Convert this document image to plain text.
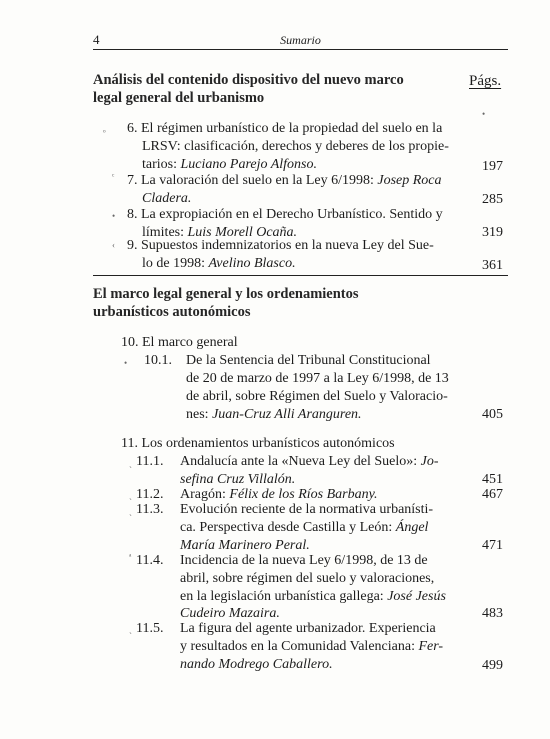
4	Sumario
Análisis del contenido dispositivo del nuevo marco
legal general del urbanismo
Págs.
•
ᵒ 6. El régimen urbanístico de la propiedad del suelo en la
LRSV: clasificación, derechos y deberes de los propie-
tarios: Luciano Parejo Alfonso.	197
ᶜ 7. La valoración del suelo en la Ley 6/1998: Josep Roca
Cladera.	285
• 8. La expropiación en el Derecho Urbanístico. Sentido y
límites: Luis Morell Ocaña.	319
‹ 9. Supuestos indemnizatorios en la nueva Ley del Sue-
lo de 1998: Avelino Blasco.	361
El marco legal general y los ordenamientos
urbanísticos autonómicos
10. El marco general
• 10.1. De la Sentencia del Tribunal Constitucional
de 20 de marzo de 1997 a la Ley 6/1998, de 13
de abril, sobre Régimen del Suelo y Valoracio-
nes: Juan-Cruz Alli Aranguren.	405
11. Los ordenamientos urbanísticos autonómicos
ˏ 11.1. Andalucía ante la «Nueva Ley del Suelo»: Jo-
sefina Cruz Villalón.	451
ˎ 11.2. Aragón: Félix de los Ríos Barbany.	467
ˏ 11.3. Evolución reciente de la normativa urbanísti-
ca. Perspectiva desde Castilla y León: Ángel
María Marinero Peral.	471
ᵃ 11.4. Incidencia de la nueva Ley 6/1998, de 13 de
abril, sobre régimen del suelo y valoraciones,
en la legislación urbanística gallega: José Jesús
Cudeiro Mazaira.	483
ˏ 11.5. La figura del agente urbanizador. Experiencia
y resultados en la Comunidad Valenciana: Fer-
nando Modrego Caballero.	499
